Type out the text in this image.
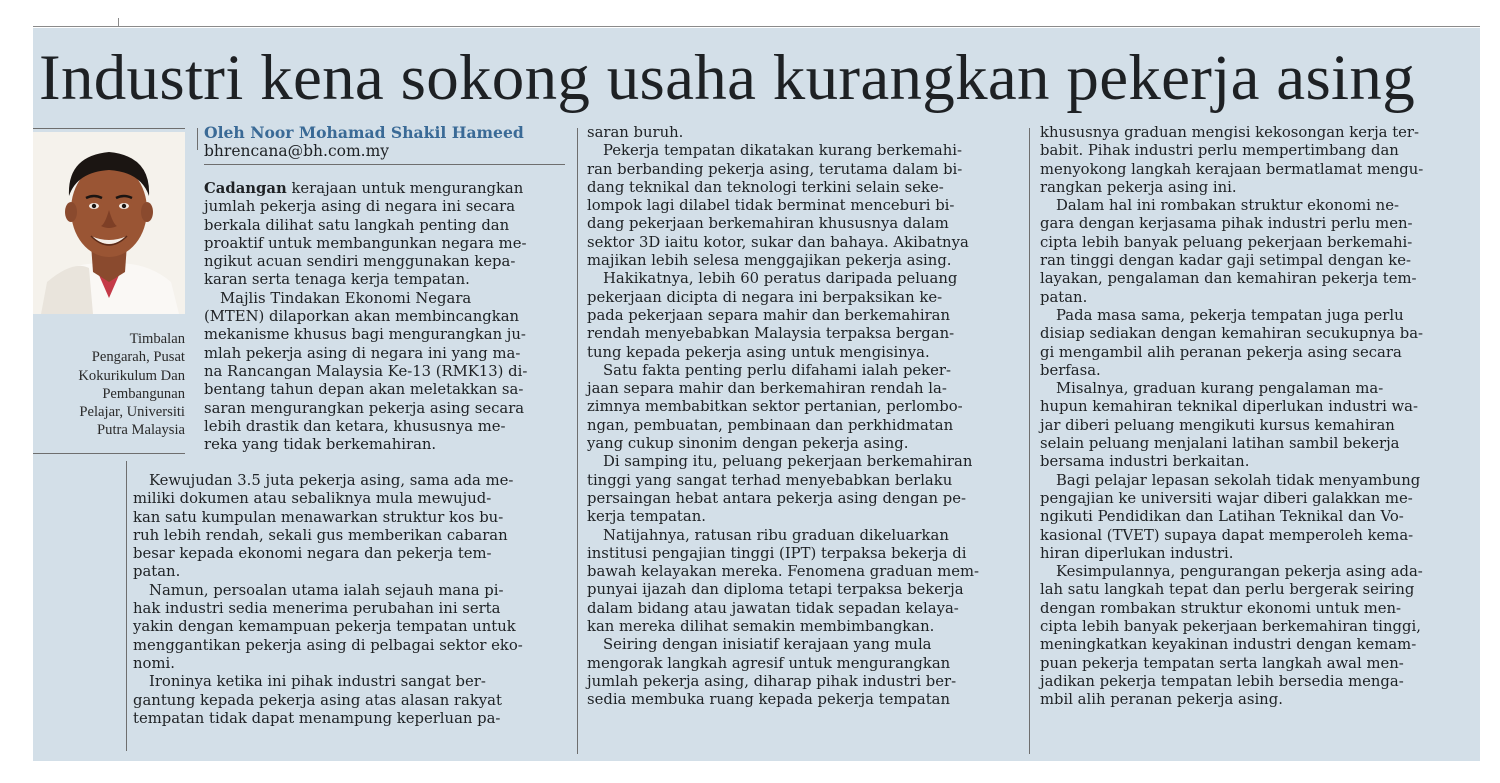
Industri kena sokong usaha kurangkan pekerja asing
Timbalan
Pengarah, Pusat
Kokurikulum Dan
Pembangunan
Pelajar, Universiti
Putra Malaysia
Oleh Noor Mohamad Shakil Hameed
bhrencana@bh.com.my
Cadangan kerajaan untuk mengurangkan
jumlah pekerja asing di negara ini secara
berkala dilihat satu langkah penting dan
proaktif untuk membangunkan negara me-
ngikut acuan sendiri menggunakan kepa-
karan serta tenaga kerja tempatan.
Majlis Tindakan Ekonomi Negara
(MTEN) dilaporkan akan membincangkan
mekanisme khusus bagi mengurangkan ju-
mlah pekerja asing di negara ini yang ma-
na Rancangan Malaysia Ke-13 (RMK13) di-
bentang tahun depan akan meletakkan sa-
saran mengurangkan pekerja asing secara
lebih drastik dan ketara, khususnya me-
reka yang tidak berkemahiran.
Kewujudan 3.5 juta pekerja asing, sama ada me-
miliki dokumen atau sebaliknya mula mewujud-
kan satu kumpulan menawarkan struktur kos bu-
ruh lebih rendah, sekali gus memberikan cabaran
besar kepada ekonomi negara dan pekerja tem-
patan.
Namun, persoalan utama ialah sejauh mana pi-
hak industri sedia menerima perubahan ini serta
yakin dengan kemampuan pekerja tempatan untuk
menggantikan pekerja asing di pelbagai sektor eko-
nomi.
Ironinya ketika ini pihak industri sangat ber-
gantung kepada pekerja asing atas alasan rakyat
tempatan tidak dapat menampung keperluan pa-
saran buruh.
Pekerja tempatan dikatakan kurang berkemahi-
ran berbanding pekerja asing, terutama dalam bi-
dang teknikal dan teknologi terkini selain seke-
lompok lagi dilabel tidak berminat menceburi bi-
dang pekerjaan berkemahiran khususnya dalam
sektor 3D iaitu kotor, sukar dan bahaya. Akibatnya
majikan lebih selesa menggajikan pekerja asing.
Hakikatnya, lebih 60 peratus daripada peluang
pekerjaan dicipta di negara ini berpaksikan ke-
pada pekerjaan separa mahir dan berkemahiran
rendah menyebabkan Malaysia terpaksa bergan-
tung kepada pekerja asing untuk mengisinya.
Satu fakta penting perlu difahami ialah peker-
jaan separa mahir dan berkemahiran rendah la-
zimnya membabitkan sektor pertanian, perlombo-
ngan, pembuatan, pembinaan dan perkhidmatan
yang cukup sinonim dengan pekerja asing.
Di samping itu, peluang pekerjaan berkemahiran
tinggi yang sangat terhad menyebabkan berlaku
persaingan hebat antara pekerja asing dengan pe-
kerja tempatan.
Natijahnya, ratusan ribu graduan dikeluarkan
institusi pengajian tinggi (IPT) terpaksa bekerja di
bawah kelayakan mereka. Fenomena graduan mem-
punyai ijazah dan diploma tetapi terpaksa bekerja
dalam bidang atau jawatan tidak sepadan kelaya-
kan mereka dilihat semakin membimbangkan.
Seiring dengan inisiatif kerajaan yang mula
mengorak langkah agresif untuk mengurangkan
jumlah pekerja asing, diharap pihak industri ber-
sedia membuka ruang kepada pekerja tempatan
khususnya graduan mengisi kekosongan kerja ter-
babit. Pihak industri perlu mempertimbang dan
menyokong langkah kerajaan bermatlamat mengu-
rangkan pekerja asing ini.
Dalam hal ini rombakan struktur ekonomi ne-
gara dengan kerjasama pihak industri perlu men-
cipta lebih banyak peluang pekerjaan berkemahi-
ran tinggi dengan kadar gaji setimpal dengan ke-
layakan, pengalaman dan kemahiran pekerja tem-
patan.
Pada masa sama, pekerja tempatan juga perlu
disiap sediakan dengan kemahiran secukupnya ba-
gi mengambil alih peranan pekerja asing secara
berfasa.
Misalnya, graduan kurang pengalaman ma-
hupun kemahiran teknikal diperlukan industri wa-
jar diberi peluang mengikuti kursus kemahiran
selain peluang menjalani latihan sambil bekerja
bersama industri berkaitan.
Bagi pelajar lepasan sekolah tidak menyambung
pengajian ke universiti wajar diberi galakkan me-
ngikuti Pendidikan dan Latihan Teknikal dan Vo-
kasional (TVET) supaya dapat memperoleh kema-
hiran diperlukan industri.
Kesimpulannya, pengurangan pekerja asing ada-
lah satu langkah tepat dan perlu bergerak seiring
dengan rombakan struktur ekonomi untuk men-
cipta lebih banyak pekerjaan berkemahiran tinggi,
meningkatkan keyakinan industri dengan kemam-
puan pekerja tempatan serta langkah awal men-
jadikan pekerja tempatan lebih bersedia menga-
mbil alih peranan pekerja asing.
